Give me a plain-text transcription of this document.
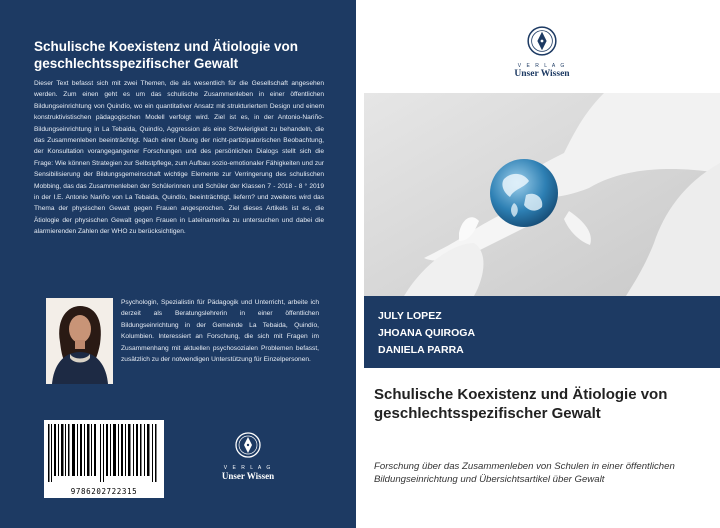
Schulische Koexistenz und Ätiologie von geschlechtsspezifischer Gewalt
Dieser Text befasst sich mit zwei Themen, die als wesentlich für die Gesellschaft angesehen werden. Zum einen geht es um das schulische Zusammenleben in einer öffentlichen Bildungseinrichtung von Quindío, wo ein quantitativer Ansatz mit strukturiertem Design und einem konstruktivistischen pädagogischen Modell verfolgt wird. Ziel ist es, in der Antonio-Nariño-Bildungseinrichtung in La Tebaida, Quindío, Aggression als eine Schwierigkeit zu behandeln, die das Zusammenleben beeinträchtigt. Nach einer Übung der nicht-partizipatorischen Beobachtung, der Konsultation vorangegangener Forschungen und des persönlichen Dialogs stellt sich die Frage: Wie können Strategien zur Selbstpflege, zum Aufbau sozio-emotionaler Fähigkeiten und zur Sensibilisierung der Bildungsgemeinschaft wichtige Elemente zur Verringerung des schulischen Mobbing, das das Zusammenleben der Schülerinnen und Schüler der Klassen 7 - 2018 - 8 ° 2019 in der I.E. Antonio Nariño von La Tebaida, Quindío, beeinträchtigt, liefern? und zweitens wird das Thema der physischen Gewalt gegen Frauen angesprochen. Ziel dieses Artikels ist es, die Ätiologie der physischen Gewalt gegen Frauen in Lateinamerika zu untersuchen und dabei die alarmierenden Zahlen der WHO zu berücksichtigen.
Psychologin, Spezialistin für Pädagogik und Unterricht, arbeite ich derzeit als Beratungslehrerin in einer öffentlichen Bildungseinrichtung in der Gemeinde La Tebaida, Quindío, Kolumbien. Interessiert an Forschung, die sich mit Fragen im Zusammenhang mit aktuellen psychosozialen Problemen befasst, zusätzlich zu der notwendigen Unterstützung für Einzelpersonen.
9786202722315
V E R L A G
Unser Wissen
V E R L A G
Unser Wissen
JULY LOPEZ
JHOANA QUIROGA
DANIELA PARRA
Schulische Koexistenz und Ätiologie von geschlechtsspezifischer Gewalt
Forschung über das Zusammenleben von Schulen in einer öffentlichen Bildungseinrichtung und Übersichtsartikel über Gewalt
